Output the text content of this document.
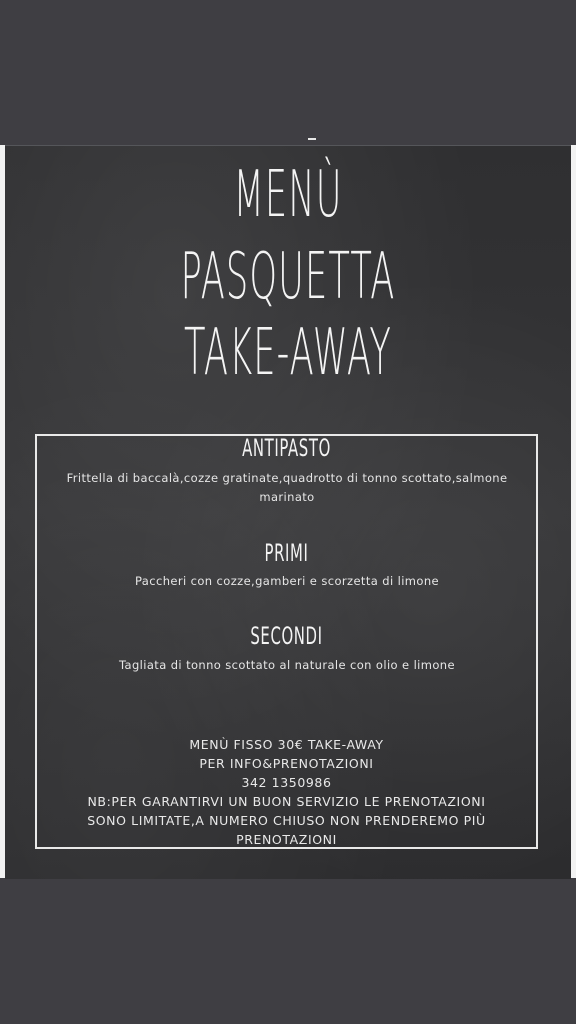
MENÙ
PASQUETTA
TAKE-AWAY
ANTIPASTO
Frittella di baccalà,cozze gratinate,quadrotto di tonno scottato,salmone marinato
PRIMI
Paccheri con cozze,gamberi e scorzetta di limone
SECONDI
Tagliata di tonno scottato al naturale con olio e limone
MENÙ FISSO 30€ TAKE-AWAY
PER INFO&PRENOTAZIONI
342 1350986
NB:PER GARANTIRVI UN BUON SERVIZIO LE PRENOTAZIONI
SONO LIMITATE,A NUMERO CHIUSO NON PRENDEREMO PIÙ
PRENOTAZIONI
